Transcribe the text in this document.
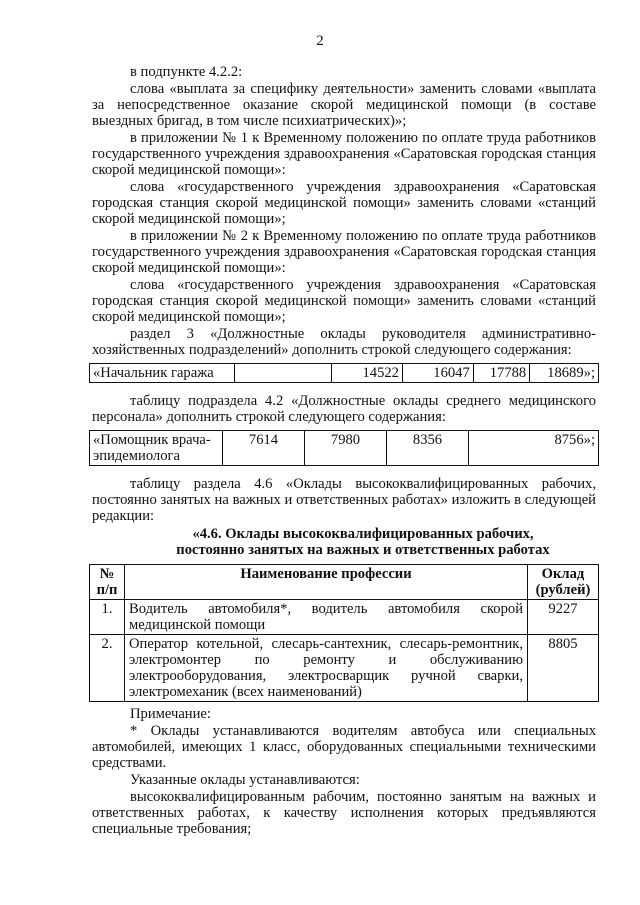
2

в подпункте 4.2.2:

слова «выплата за специфику деятельности» заменить словами «выплата за непосредственное оказание скорой медицинской помощи (в составе выездных бригад, в том числе психиатрических)»;

в приложении № 1 к Временному положению по оплате труда работников государственного учреждения здравоохранения «Саратовская городская станция скорой медицинской помощи»:

слова «государственного учреждения здравоохранения «Саратовская городская станция скорой медицинской помощи» заменить словами «станций скорой медицинской помощи»;

в приложении № 2 к Временному положению по оплате труда работников государственного учреждения здравоохранения «Саратовская городская станция скорой медицинской помощи»:

слова «государственного учреждения здравоохранения «Саратовская городская станция скорой медицинской помощи» заменить словами «станций скорой медицинской помощи»;

раздел 3 «Должностные оклады руководителя административно-хозяйственных подразделений» дополнить строкой следующего содержания:

«Начальник гаража		14522	16047	17788	18689»;

таблицу подраздела 4.2 «Должностные оклады среднего медицинского персонала» дополнить строкой следующего содержания:

«Помощник врача-эпидемиолога	7614	7980	8356	8756»;

таблицу раздела 4.6 «Оклады высококвалифицированных рабочих, постоянно занятых на важных и ответственных работах» изложить в следующей редакции:

«4.6. Оклады высококвалифицированных рабочих,
постоянно занятых на важных и ответственных работах
№ п/п	Наименование профессии	Оклад (рублей)
1.	Водитель автомобиля*, водитель автомобиля скорой медицинской помощи	9227
2.	Оператор котельной, слесарь-сантехник, слесарь-ремонтник, электромонтер по ремонту и обслуживанию электрооборудования, электросварщик ручной сварки, электромеханик (всех наименований)	8805

Примечание:

* Оклады устанавливаются водителям автобуса или специальных автомобилей, имеющих 1 класс, оборудованных специальными техническими средствами.

Указанные оклады устанавливаются:

высококвалифицированным рабочим, постоянно занятым на важных и ответственных работах, к качеству исполнения которых предъявляются специальные требования;
